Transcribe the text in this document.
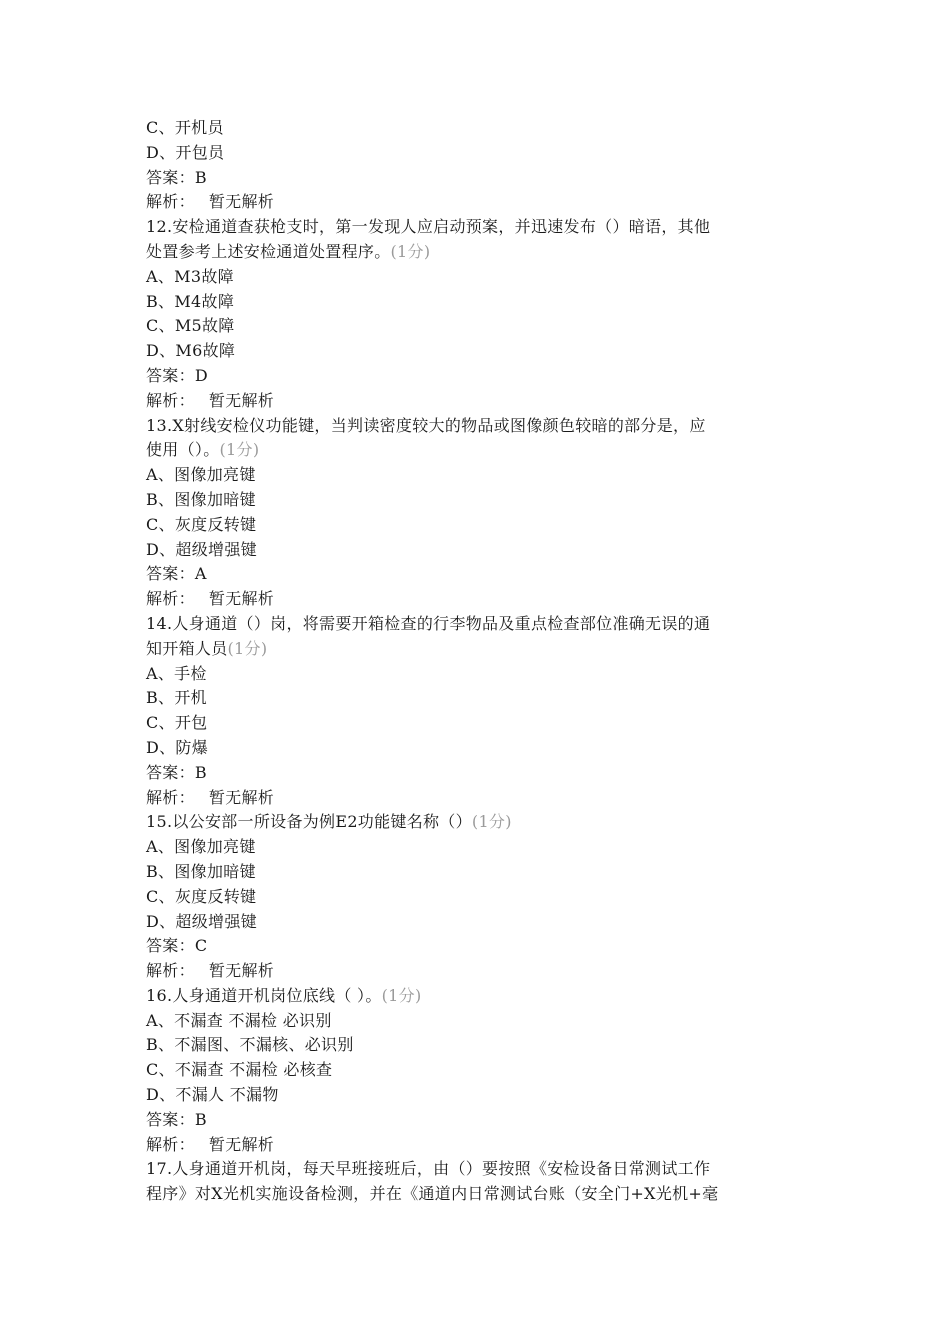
C、开机员
D、开包员
答案：B
解析： 暂无解析
12.安检通道查获枪支时，第一发现人应启动预案，并迅速发布（）暗语，其他
处置参考上述安检通道处置程序。(1分)
A、M3故障
B、M4故障
C、M5故障
D、M6故障
答案：D
解析： 暂无解析
13.X射线安检仪功能键，当判读密度较大的物品或图像颜色较暗的部分是，应
使用（）。(1分)
A、图像加亮键
B、图像加暗键
C、灰度反转键
D、超级增强键
答案：A
解析： 暂无解析
14.人身通道（）岗，将需要开箱检查的行李物品及重点检查部位准确无误的通
知开箱人员(1分)
A、手检
B、开机
C、开包
D、防爆
答案：B
解析： 暂无解析
15.以公安部一所设备为例E2功能键名称（）(1分)
A、图像加亮键
B、图像加暗键
C、灰度反转键
D、超级增强键
答案：C
解析： 暂无解析
16.人身通道开机岗位底线（ ）。(1分)
A、不漏查 不漏检 必识别
B、不漏图、不漏核、必识别
C、不漏查 不漏检 必核查
D、不漏人 不漏物
答案：B
解析： 暂无解析
17.人身通道开机岗，每天早班接班后，由（）要按照《安检设备日常测试工作
程序》对X光机实施设备检测，并在《通道内日常测试台账（安全门+X光机+毫
